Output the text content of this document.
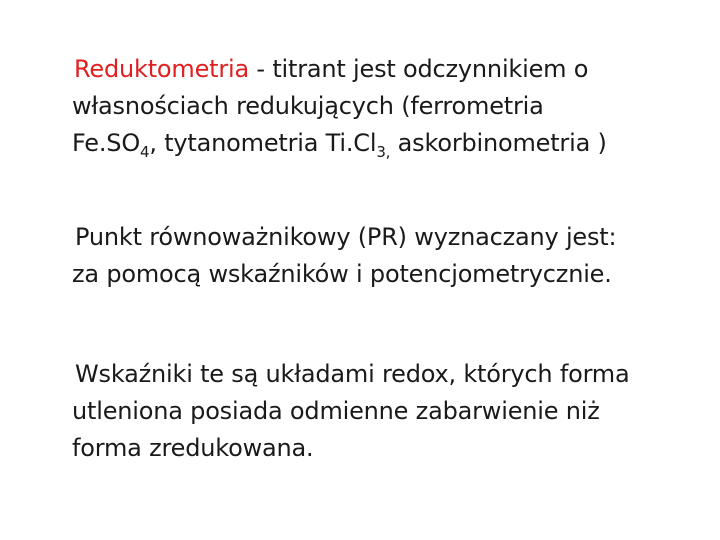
Reduktometria - titrant jest odczynnikiem o
własnościach redukujących (ferrometria
$Fe.SO_4$, tytanometria $Ti.Cl_{3,}$ askorbinometria )
Punkt równoważnikowy (PR) wyznaczany jest:
za pomocą wskaźników i potencjometrycznie.
Wskaźniki te są układami redox, których forma
utleniona posiada odmienne zabarwienie niż
forma zredukowana.
